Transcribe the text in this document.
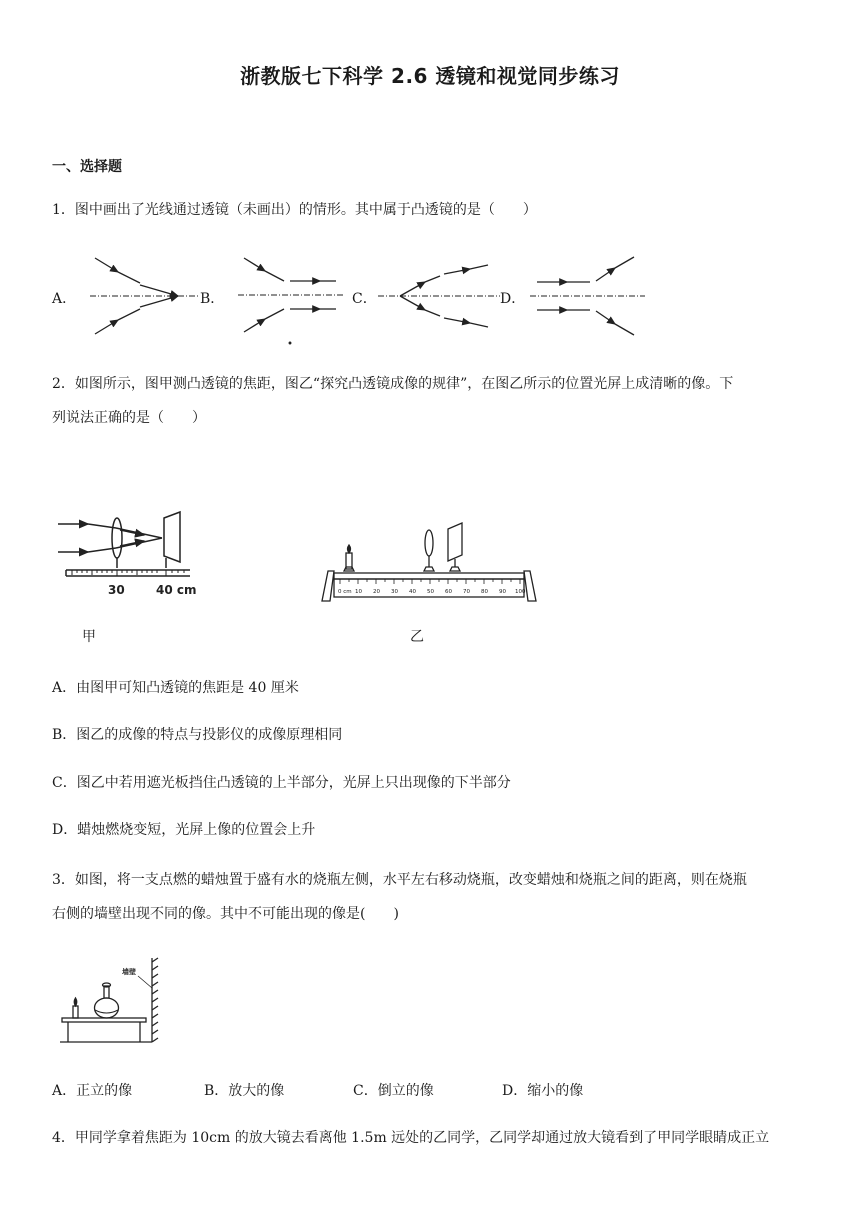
浙教版七下科学 2.6 透镜和视觉同步练习
一、选择题
1．图中画出了光线通过透镜（未画出）的情形。其中属于凸透镜的是（　　）
A．	B．	C．	D．
2．如图所示，图甲测凸透镜的焦距，图乙“探究凸透镜成像的规律”，在图乙所示的位置光屏上成清晰的像。下
列说法正确的是（　　）
30	40 cm
甲
0 cm 10 20 30 40 50 60 70 80 90 100
乙
A．由图甲可知凸透镜的焦距是 40 厘米
B．图乙的成像的特点与投影仪的成像原理相同
C．图乙中若用遮光板挡住凸透镜的上半部分，光屏上只出现像的下半部分
D．蜡烛燃烧变短，光屏上像的位置会上升
3．如图，将一支点燃的蜡烛置于盛有水的烧瓶左侧，水平左右移动烧瓶，改变蜡烛和烧瓶之间的距离，则在烧瓶
右侧的墙壁出现不同的像。其中不可能出现的像是(　　)
墙壁
A．正立的像	B．放大的像	C．倒立的像	D．缩小的像
4．甲同学拿着焦距为 10cm 的放大镜去看离他 1.5m 远处的乙同学，乙同学却通过放大镜看到了甲同学眼睛成正立
